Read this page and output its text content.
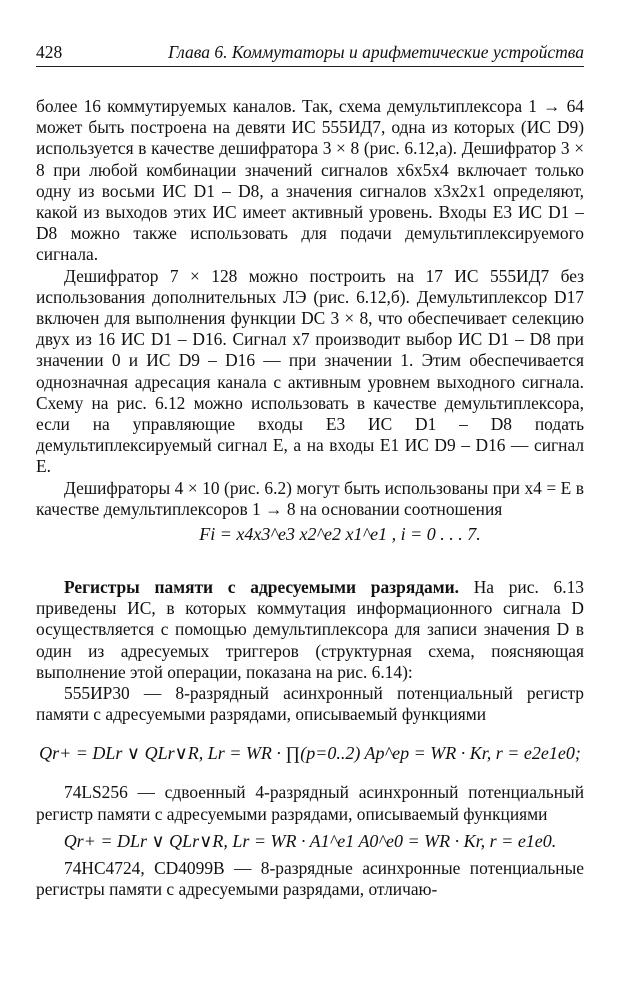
428	Глава 6. Коммутаторы и арифметические устройства

более 16 коммутируемых каналов. Так, схема демультиплексора 1 → 64 может быть построена на девяти ИС 555ИД7, одна из которых (ИС D9) используется в качестве дешифратора 3 × 8 (рис. 6.12,а). Дешифратор 3 × 8 при любой комбинации значений сигналов x6x5x4 включает только одну из восьми ИС D1 – D8, а значения сигналов x3x2x1 определяют, какой из выходов этих ИС имеет активный уровень. Входы E3 ИС D1 – D8 можно также использовать для подачи демультиплексируемого сигнала.

Дешифратор 7 × 128 можно построить на 17 ИС 555ИД7 без использования дополнительных ЛЭ (рис. 6.12,б). Демультиплексор D17 включен для выполнения функции DC 3 × 8, что обеспечивает селекцию двух из 16 ИС D1 – D16. Сигнал x7 производит выбор ИС D1 – D8 при значении 0 и ИС D9 – D16 — при значении 1. Этим обеспечивается однозначная адресация канала с активным уровнем выходного сигнала. Схему на рис. 6.12 можно использовать в качестве демультиплексора, если на управляющие входы E3 ИС D1 – D8 подать демультиплексируемый сигнал E, а на входы E1 ИС D9 – D16 — сигнал E.

Дешифраторы 4 × 10 (рис. 6.2) могут быть использованы при x4 = E в качестве демультиплексоров 1 → 8 на основании соотношения

Fi = x4x3^e3 x2^e2 x1^e1 , i = 0 . . . 7.

Регистры памяти с адресуемыми разрядами. На рис. 6.13 приведены ИС, в которых коммутация информационного сигнала D осуществляется с помощью демультиплексора для записи значения D в один из адресуемых триггеров (структурная схема, поясняющая выполнение этой операции, показана на рис. 6.14):

555ИР30 — 8-разрядный асинхронный потенциальный регистр памяти с адресуемыми разрядами, описываемый функциями

Qr+ = DLr ∨ QLr∨R, Lr = WR · ∏(p=0..2) Ap^ep = WR · Kr, r = e2e1e0;

74LS256 — сдвоенный 4-разрядный асинхронный потенциальный регистр памяти с адресуемыми разрядами, описываемый функциями

Qr+ = DLr ∨ QLr∨R, Lr = WR · A1^e1 A0^e0 = WR · Kr, r = e1e0.

74HC4724, CD4099B — 8-разрядные асинхронные потенциальные регистры памяти с адресуемыми разрядами, отличаю-
